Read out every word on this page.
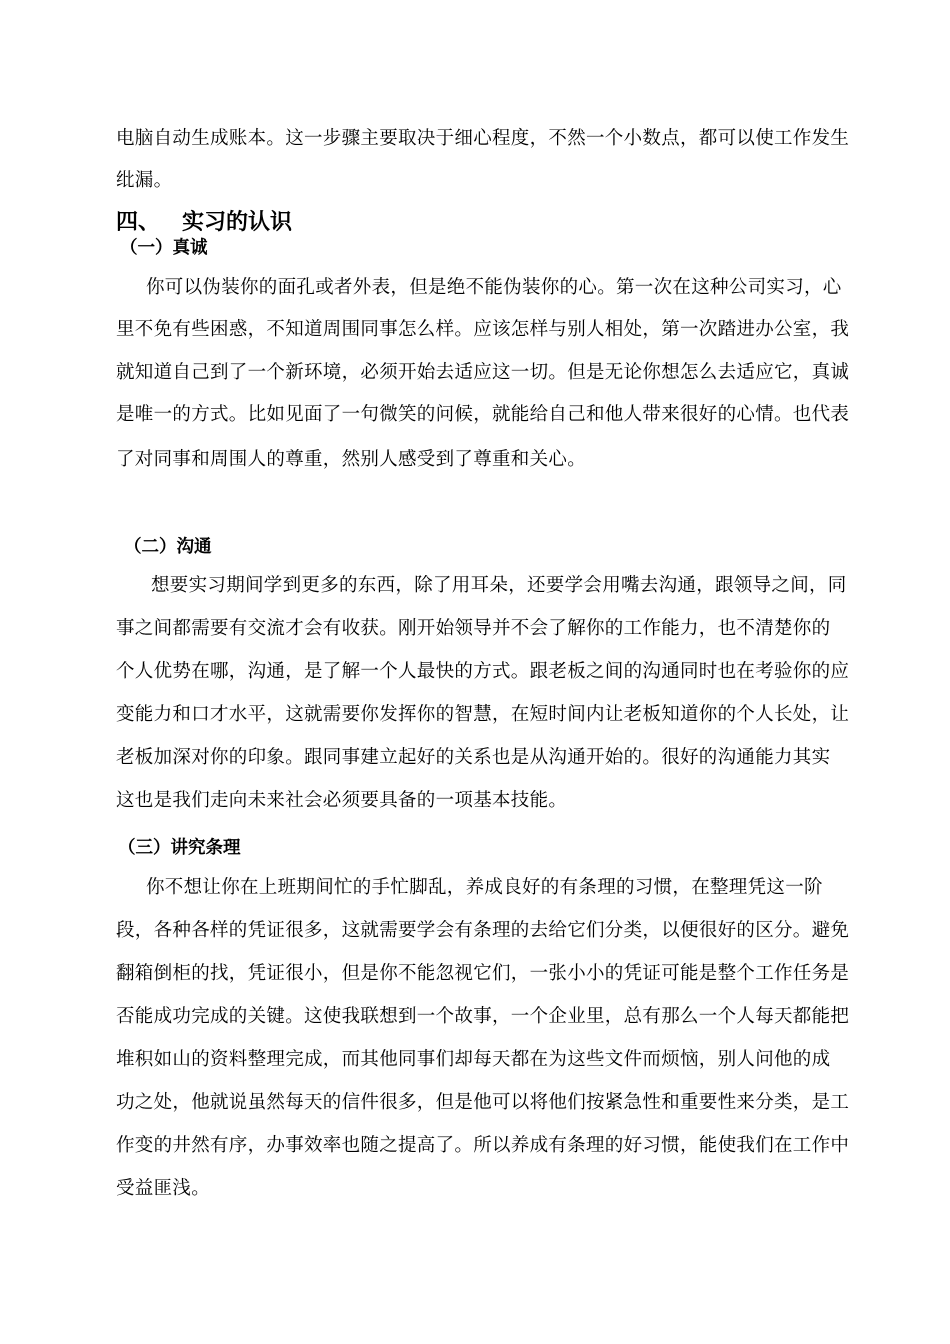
电脑自动生成账本。这一步骤主要取决于细心程度，不然一个小数点，都可以使工作发生
纰漏。
四、 实习的认识
（一）真诚
你可以伪装你的面孔或者外表，但是绝不能伪装你的心。第一次在这种公司实习，心
里不免有些困惑，不知道周围同事怎么样。应该怎样与别人相处，第一次踏进办公室，我
就知道自己到了一个新环境，必须开始去适应这一切。但是无论你想怎么去适应它，真诚
是唯一的方式。比如见面了一句微笑的问候，就能给自己和他人带来很好的心情。也代表
了对同事和周围人的尊重，然别人感受到了尊重和关心。
（二）沟通
想要实习期间学到更多的东西，除了用耳朵，还要学会用嘴去沟通，跟领导之间，同
事之间都需要有交流才会有收获。刚开始领导并不会了解你的工作能力，也不清楚你的
个人优势在哪，沟通，是了解一个人最快的方式。跟老板之间的沟通同时也在考验你的应
变能力和口才水平，这就需要你发挥你的智慧，在短时间内让老板知道你的个人长处，让
老板加深对你的印象。跟同事建立起好的关系也是从沟通开始的。很好的沟通能力其实
这也是我们走向未来社会必须要具备的一项基本技能。
（三）讲究条理
你不想让你在上班期间忙的手忙脚乱，养成良好的有条理的习惯，在整理凭这一阶
段，各种各样的凭证很多，这就需要学会有条理的去给它们分类，以便很好的区分。避免
翻箱倒柜的找，凭证很小，但是你不能忽视它们，一张小小的凭证可能是整个工作任务是
否能成功完成的关键。这使我联想到一个故事，一个企业里，总有那么一个人每天都能把
堆积如山的资料整理完成，而其他同事们却每天都在为这些文件而烦恼，别人问他的成
功之处，他就说虽然每天的信件很多，但是他可以将他们按紧急性和重要性来分类，是工
作变的井然有序，办事效率也随之提高了。所以养成有条理的好习惯，能使我们在工作中
受益匪浅。
